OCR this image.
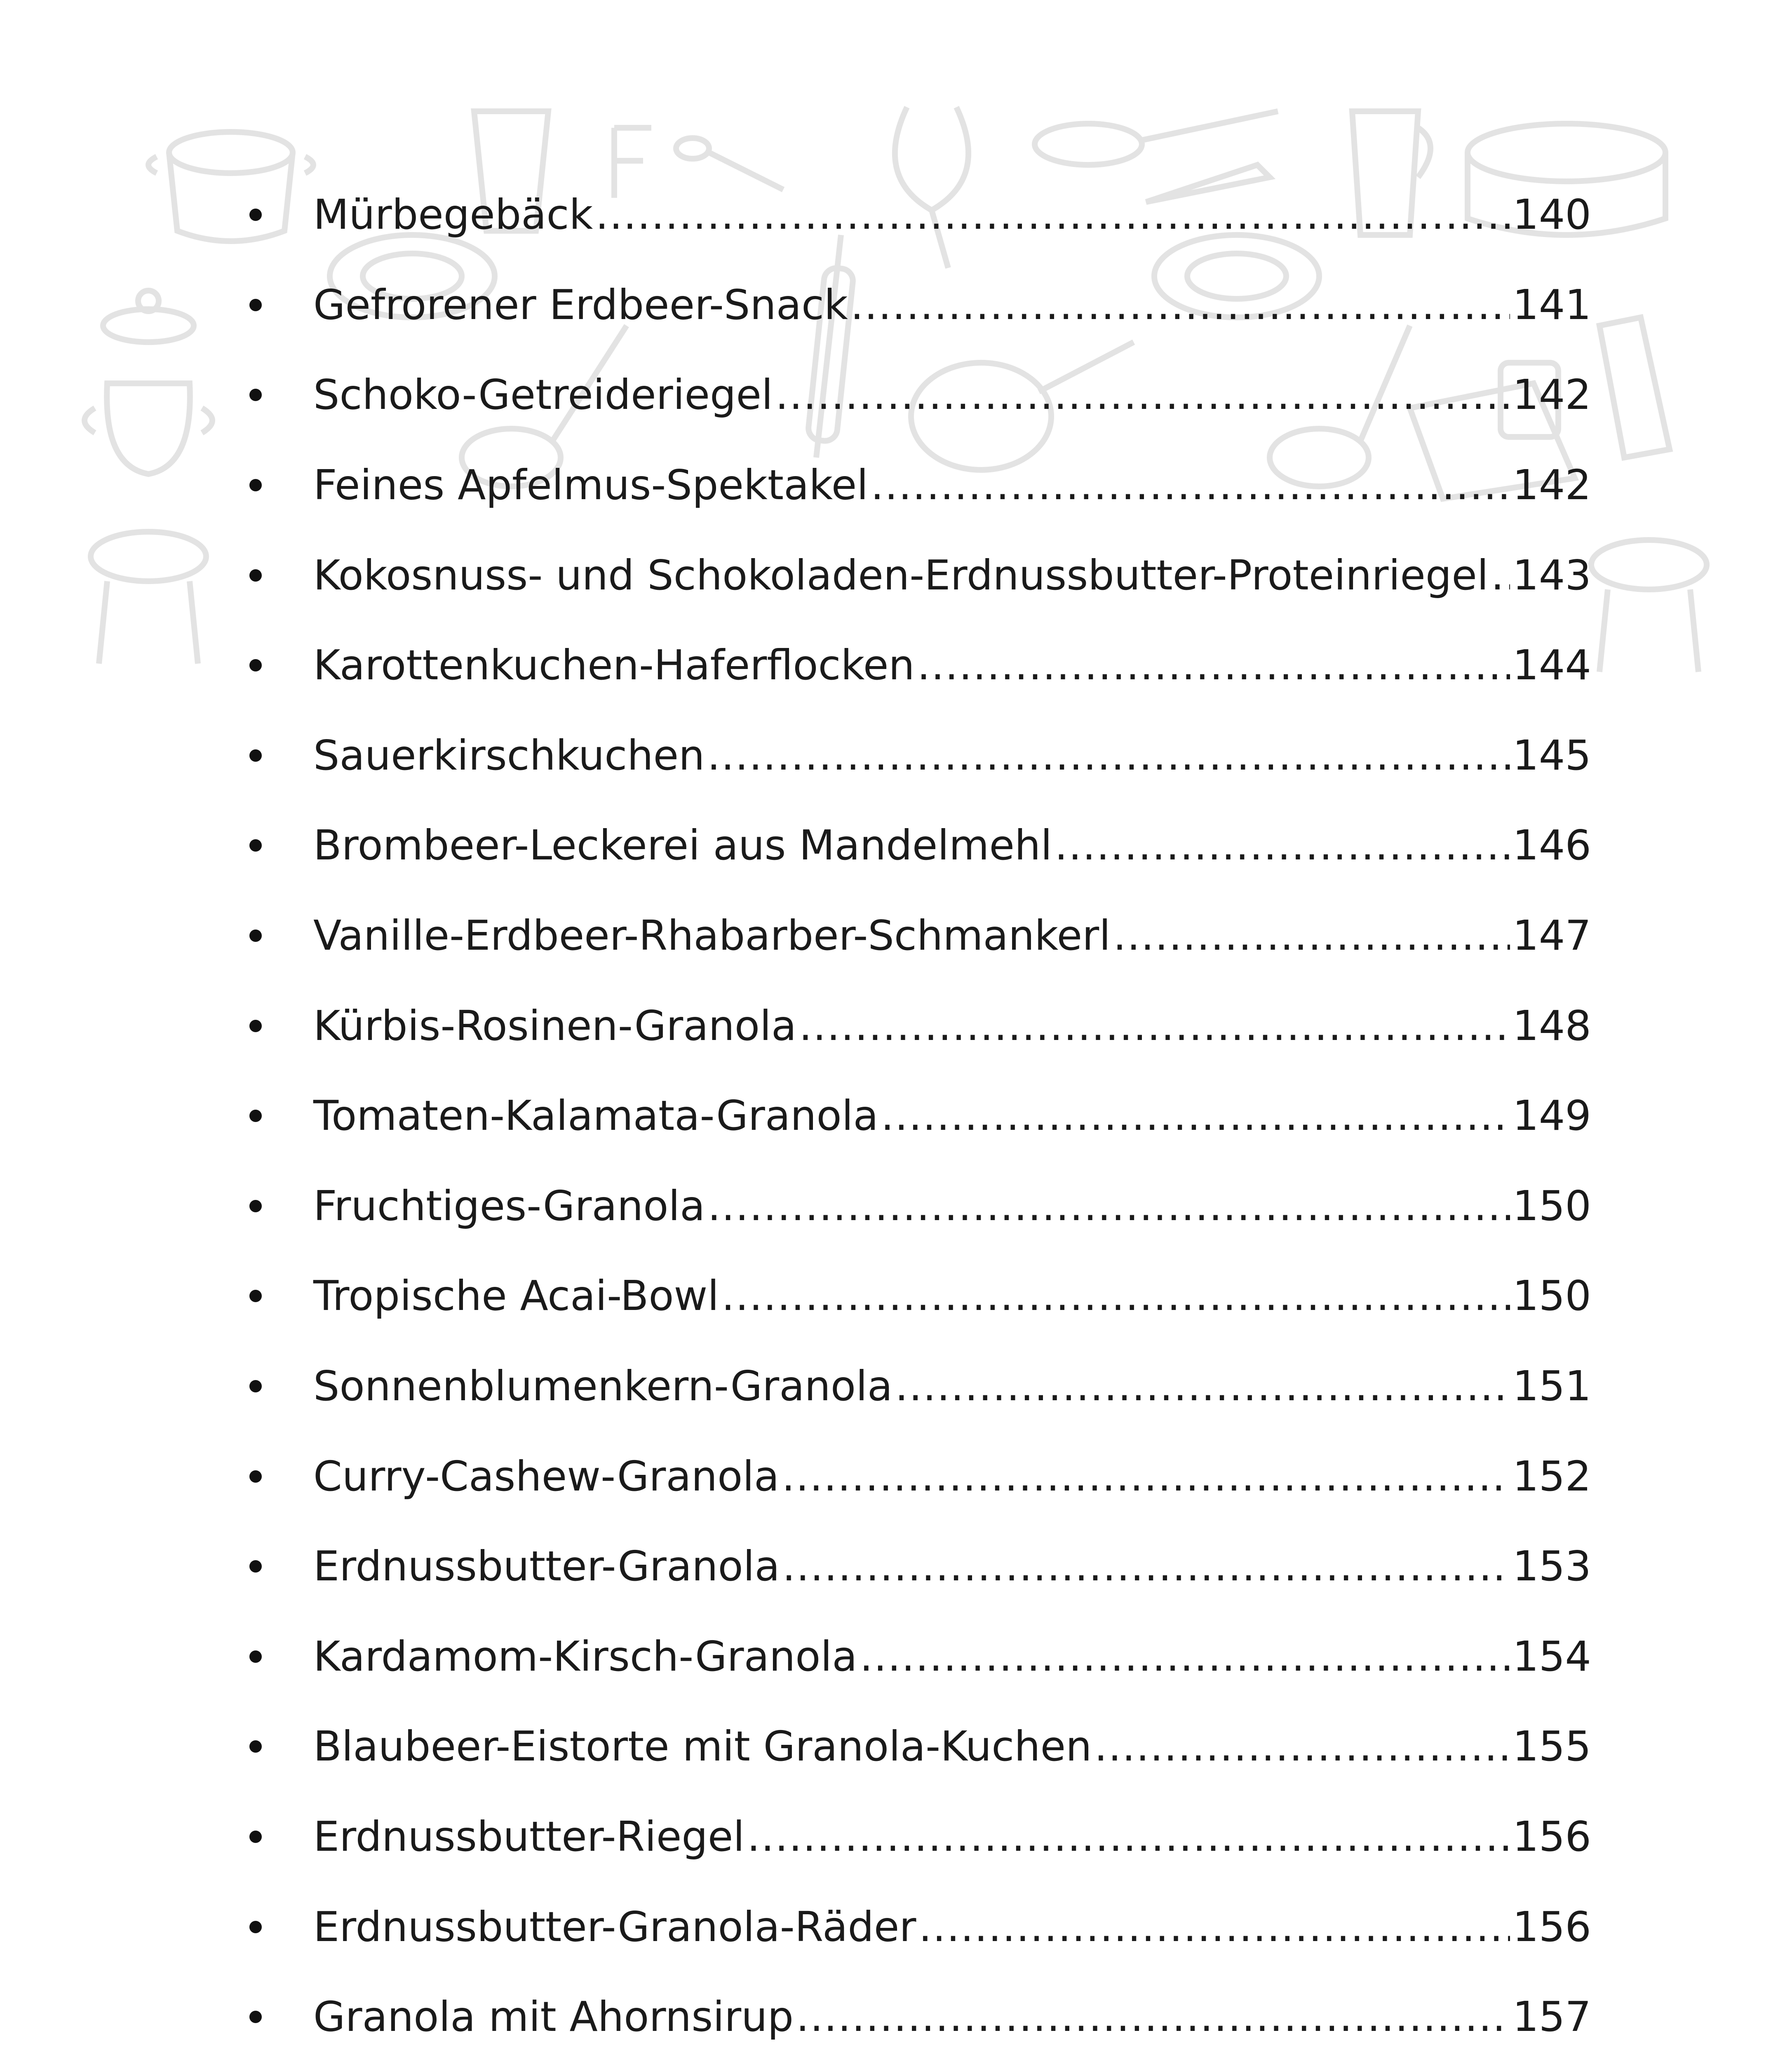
Mürbegebäck .....	140
Gefrorener Erdbeer-Snack .....	141
Schoko-Getreideriegel .....	142
Feines Apfelmus-Spektakel .....	142
Kokosnuss- und Schokoladen-Erdnussbutter-Proteinriegel ..... 143
Karottenkuchen-Haferflocken .....	144
Sauerkirschkuchen .....	145
Brombeer-Leckerei aus Mandelmehl .....	146
Vanille-Erdbeer-Rhabarber-Schmankerl .....	147
Kürbis-Rosinen-Granola .....	148
Tomaten-Kalamata-Granola .....	149
Fruchtiges-Granola .....	150
Tropische Acai-Bowl .....	150
Sonnenblumenkern-Granola .....	151
Curry-Cashew-Granola .....	152
Erdnussbutter-Granola .....	153
Kardamom-Kirsch-Granola .....	154
Blaubeer-Eistorte mit Granola-Kuchen .....	155
Erdnussbutter-Riegel .....	156
Erdnussbutter-Granola-Räder .....	156
Granola mit Ahornsirup .....	157
